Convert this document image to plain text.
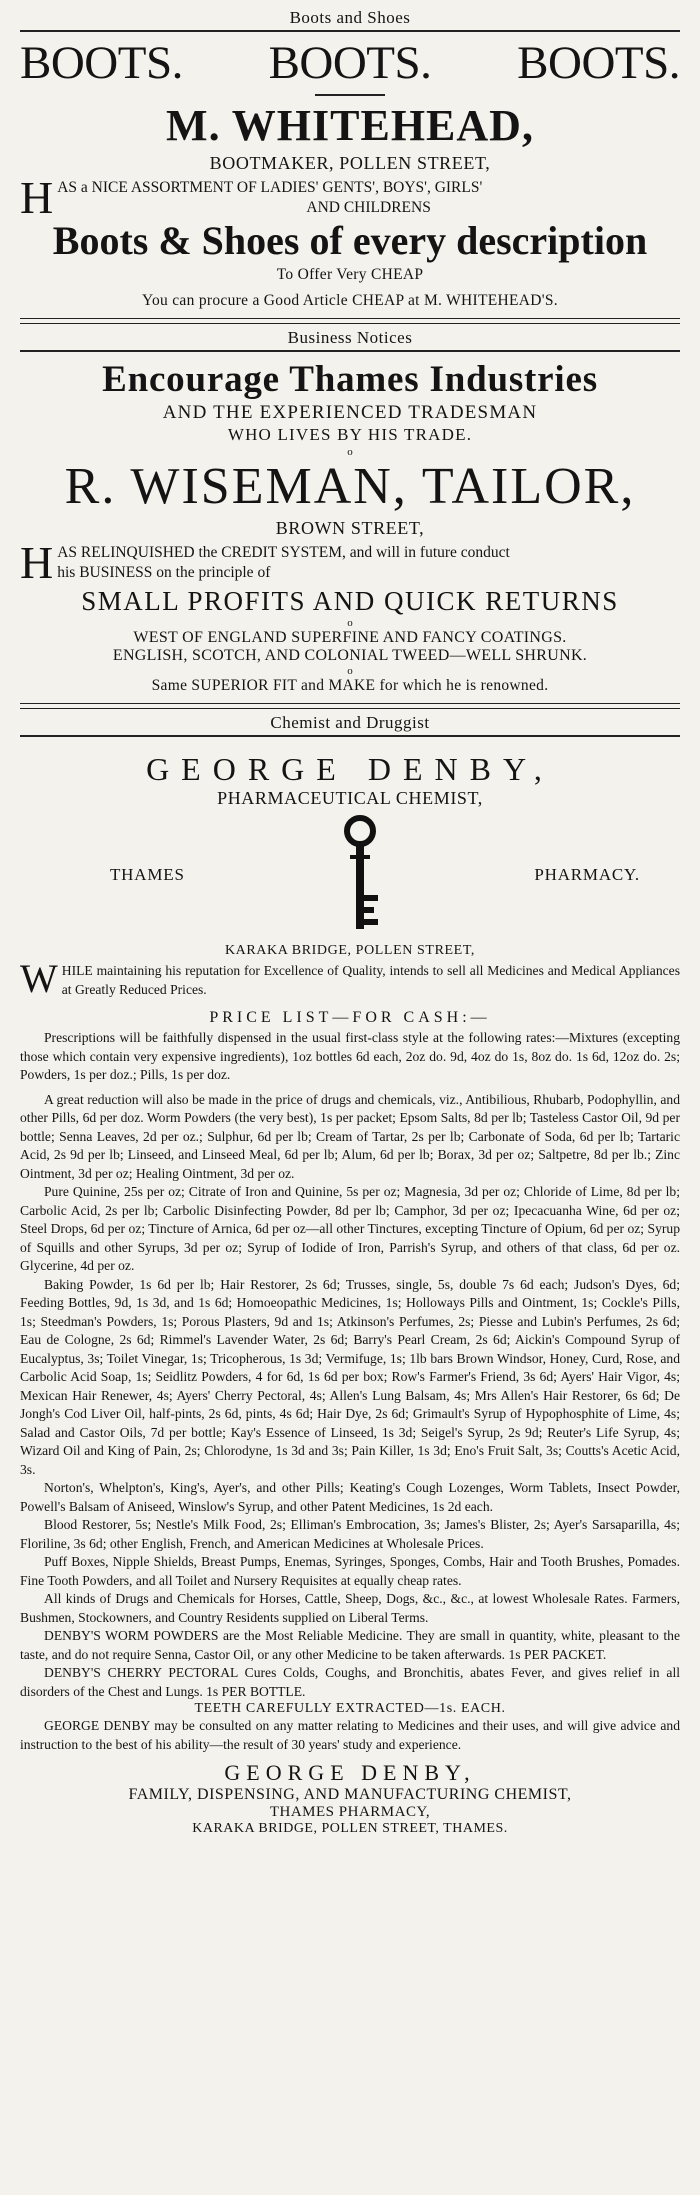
Boots and Shoes
BOOTS. BOOTS. BOOTS.
M. WHITEHEAD,
BOOTMAKER, POLLEN STREET,
H AS a NICE ASSORTMENT OF LADIES' GENTS', BOYS', GIRLS'
AND CHILDRENS
Boots & Shoes of every description
To Offer Very CHEAP
You can procure a Good Article CHEAP at M. WHITEHEAD'S.
Business Notices
Encourage Thames Industries
AND THE EXPERIENCED TRADESMAN
WHO LIVES BY HIS TRADE.
o
R. WISEMAN, TAILOR,
BROWN STREET,
H AS RELINQUISHED the CREDIT SYSTEM, and will in future conduct
his BUSINESS on the principle of
SMALL PROFITS AND QUICK RETURNS
o
WEST OF ENGLAND SUPERFINE AND FANCY COATINGS.
ENGLISH, SCOTCH, AND COLONIAL TWEED—WELL SHRUNK.
o
Same SUPERIOR FIT and MAKE for which he is renowned.
Chemist and Druggist
GEORGE DENBY,
PHARMACEUTICAL CHEMIST,
THAMES	PHARMACY.
KARAKA BRIDGE, POLLEN STREET,
W HILE maintaining his reputation for Excellence of Quality, intends to sell all Medicines and Medical Appliances at Greatly Reduced Prices.
PRICE LIST—FOR CASH:—

Prescriptions will be faithfully dispensed in the usual first-class style at the following rates:—Mixtures (excepting those which contain very expensive ingredients), 1oz bottles 6d each, 2oz do. 9d, 4oz do 1s, 8oz do. 1s 6d, 12oz do. 2s; Powders, 1s per doz.; Pills, 1s per doz.

A great reduction will also be made in the price of drugs and chemicals, viz., Antibilious, Rhubarb, Podophyllin, and other Pills, 6d per doz. Worm Powders (the very best), 1s per packet; Epsom Salts, 8d per lb; Tasteless Castor Oil, 9d per bottle; Senna Leaves, 2d per oz.; Sulphur, 6d per lb; Cream of Tartar, 2s per lb; Carbonate of Soda, 6d per lb; Tartaric Acid, 2s 9d per lb; Linseed, and Linseed Meal, 6d per lb; Alum, 6d per lb; Borax, 3d per oz; Saltpetre, 8d per lb.; Zinc Ointment, 3d per oz; Healing Ointment, 3d per oz.

Pure Quinine, 25s per oz; Citrate of Iron and Quinine, 5s per oz; Magnesia, 3d per oz; Chloride of Lime, 8d per lb; Carbolic Acid, 2s per lb; Carbolic Disinfecting Powder, 8d per lb; Camphor, 3d per oz; Ipecacuanha Wine, 6d per oz; Steel Drops, 6d per oz; Tincture of Arnica, 6d per oz—all other Tinctures, excepting Tincture of Opium, 6d per oz; Syrup of Squills and other Syrups, 3d per oz; Syrup of Iodide of Iron, Parrish's Syrup, and others of that class, 6d per oz. Glycerine, 4d per oz.

Baking Powder, 1s 6d per lb; Hair Restorer, 2s 6d; Trusses, single, 5s, double 7s 6d each; Judson's Dyes, 6d; Feeding Bottles, 9d, 1s 3d, and 1s 6d; Homoeopathic Medicines, 1s; Holloways Pills and Ointment, 1s; Cockle's Pills, 1s; Steedman's Powders, 1s; Porous Plasters, 9d and 1s; Atkinson's Perfumes, 2s; Piesse and Lubin's Perfumes, 2s 6d; Eau de Cologne, 2s 6d; Rimmel's Lavender Water, 2s 6d; Barry's Pearl Cream, 2s 6d; Aickin's Compound Syrup of Eucalyptus, 3s; Toilet Vinegar, 1s; Tricopherous, 1s 3d; Vermifuge, 1s; 1lb bars Brown Windsor, Honey, Curd, Rose, and Carbolic Acid Soap, 1s; Seidlitz Powders, 4 for 6d, 1s 6d per box; Row's Farmer's Friend, 3s 6d; Ayers' Hair Vigor, 4s; Mexican Hair Renewer, 4s; Ayers' Cherry Pectoral, 4s; Allen's Lung Balsam, 4s; Mrs Allen's Hair Restorer, 6s 6d; De Jongh's Cod Liver Oil, half-pints, 2s 6d, pints, 4s 6d; Hair Dye, 2s 6d; Grimault's Syrup of Hypophosphite of Lime, 4s; Salad and Castor Oils, 7d per bottle; Kay's Essence of Linseed, 1s 3d; Seigel's Syrup, 2s 9d; Reuter's Life Syrup, 4s; Wizard Oil and King of Pain, 2s; Chlorodyne, 1s 3d and 3s; Pain Killer, 1s 3d; Eno's Fruit Salt, 3s; Coutts's Acetic Acid, 3s.

Norton's, Whelpton's, King's, Ayer's, and other Pills; Keating's Cough Lozenges, Worm Tablets, Insect Powder, Powell's Balsam of Aniseed, Winslow's Syrup, and other Patent Medicines, 1s 2d each.

Blood Restorer, 5s; Nestle's Milk Food, 2s; Elliman's Embrocation, 3s; James's Blister, 2s; Ayer's Sarsaparilla, 4s; Floriline, 3s 6d; other English, French, and American Medicines at Wholesale Prices.

Puff Boxes, Nipple Shields, Breast Pumps, Enemas, Syringes, Sponges, Combs, Hair and Tooth Brushes, Pomades. Fine Tooth Powders, and all Toilet and Nursery Requisites at equally cheap rates.

All kinds of Drugs and Chemicals for Horses, Cattle, Sheep, Dogs, &c., &c., at lowest Wholesale Rates. Farmers, Bushmen, Stockowners, and Country Residents supplied on Liberal Terms.

DENBY'S WORM POWDERS are the Most Reliable Medicine. They are small in quantity, white, pleasant to the taste, and do not require Senna, Castor Oil, or any other Medicine to be taken afterwards. 1s PER PACKET.

DENBY'S CHERRY PECTORAL Cures Colds, Coughs, and Bronchitis, abates Fever, and gives relief in all disorders of the Chest and Lungs. 1s PER BOTTLE.

TEETH CAREFULLY EXTRACTED—1s. EACH.

GEORGE DENBY may be consulted on any matter relating to Medicines and their uses, and will give advice and instruction to the best of his ability—the result of 30 years' study and experience.

GEORGE DENBY,
FAMILY, DISPENSING, AND MANUFACTURING CHEMIST,
THAMES PHARMACY,
KARAKA BRIDGE, POLLEN STREET, THAMES.
